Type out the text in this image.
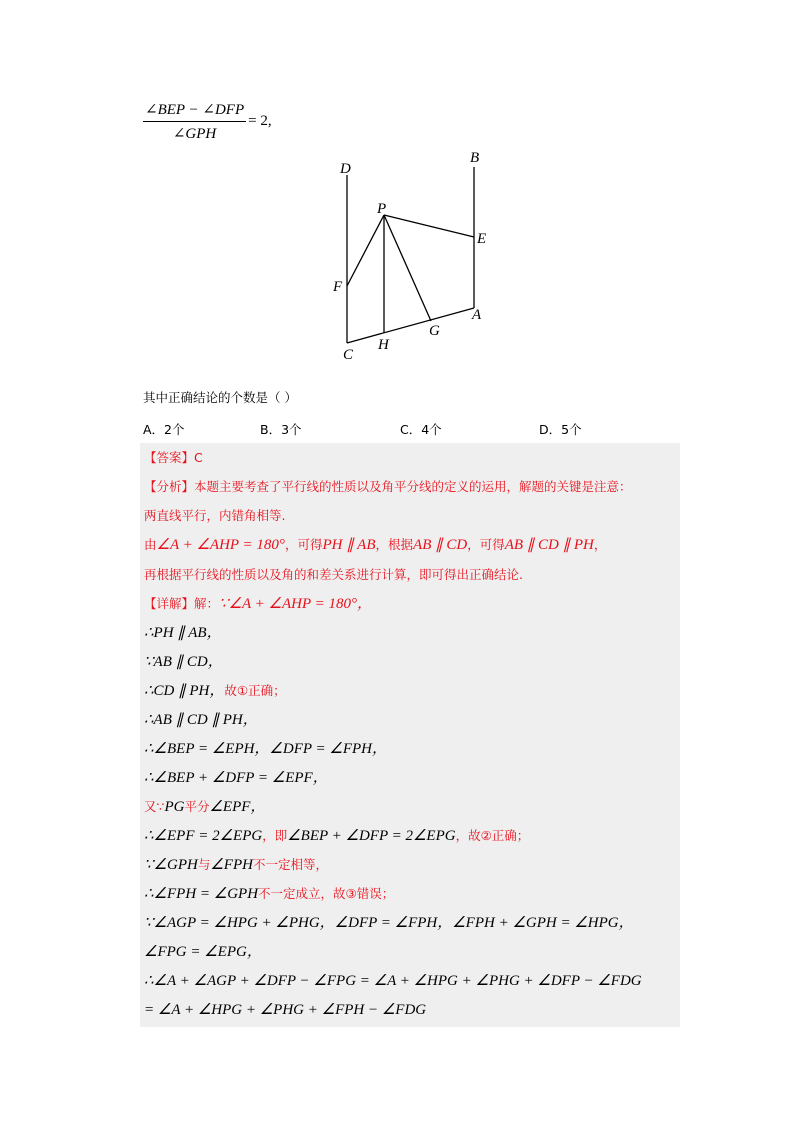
$\frac{\text{∠BEP − ∠DFP}}{\text{∠GPH}} = 2$,
D
B
P
E
F
A
G
H
C
其中正确结论的个数是（ ）
A．2个	B．3个	C．4个	D．5个
【答案】C
【分析】本题主要考查了平行线的性质以及角平分线的定义的运用，解题的关键是注意：
两直线平行，内错角相等.
由∠A + ∠AHP = 180°，可得PH ∥ AB，根据AB ∥ CD，可得AB ∥ CD ∥ PH，
再根据平行线的性质以及角的和差关系进行计算，即可得出正确结论.
【详解】解：∵∠A + ∠AHP = 180°，
∴PH ∥ AB，
∵AB ∥ CD，
∴CD ∥ PH，故①正确；
∴AB ∥ CD ∥ PH，
∴∠BEP = ∠EPH，∠DFP = ∠FPH，
∴∠BEP + ∠DFP = ∠EPF，
又∵PG平分∠EPF，
∴∠EPF = 2∠EPG，即∠BEP + ∠DFP = 2∠EPG，故②正确；
∵∠GPH与∠FPH不一定相等，
∴∠FPH = ∠GPH不一定成立，故③错误；
∵∠AGP = ∠HPG + ∠PHG，∠DFP = ∠FPH，∠FPH + ∠GPH = ∠HPG，
∠FPG = ∠EPG，
∴∠A + ∠AGP + ∠DFP − ∠FPG = ∠A + ∠HPG + ∠PHG + ∠DFP − ∠FDG
= ∠A + ∠HPG + ∠PHG + ∠FPH − ∠FDG
